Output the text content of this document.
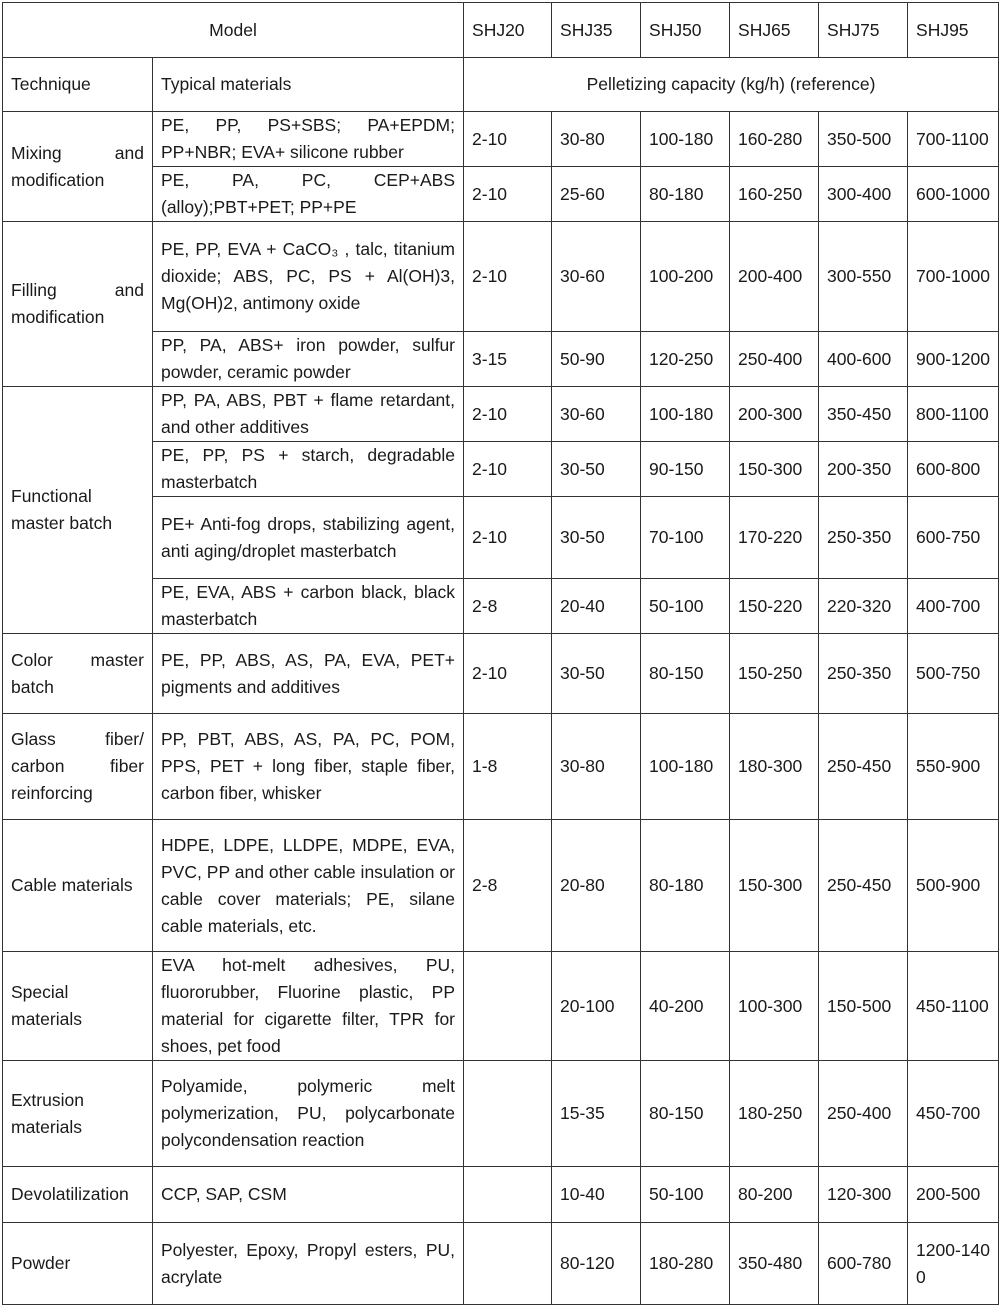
Model		SHJ20	SHJ35	SHJ50	SHJ65	SHJ75	SHJ95
Technique	Typical materials	Pelletizing capacity (kg/h) (reference)					
Mixing and modification	PE, PP, PS+SBS; PA+EPDM; PP+NBR; EVA+ silicone rubber	2-10	30-80	100-180	160-280	350-500	700-1100
	PE, PA, PC, CEP+ABS (alloy);PBT+PET; PP+PE	2-10	25-60	80-180	160-250	300-400	600-1000
Filling and modification	PE, PP, EVA + CaCO₃ , talc, titanium dioxide; ABS, PC, PS + Al(OH)3, Mg(OH)2, antimony oxide	2-10	30-60	100-200	200-400	300-550	700-1000
	PP, PA, ABS+ iron powder, sulfur powder, ceramic powder	3-15	50-90	120-250	250-400	400-600	900-1200
Functional master batch	PP, PA, ABS, PBT + flame retardant, and other additives	2-10	30-60	100-180	200-300	350-450	800-1100
	PE, PP, PS + starch, degradable masterbatch	2-10	30-50	90-150	150-300	200-350	600-800
	PE+ Anti-fog drops, stabilizing agent, anti aging/droplet masterbatch	2-10	30-50	70-100	170-220	250-350	600-750
	PE, EVA, ABS + carbon black, black masterbatch	2-8	20-40	50-100	150-220	220-320	400-700
Color master batch	PE, PP, ABS, AS, PA, EVA, PET+ pigments and additives	2-10	30-50	80-150	150-250	250-350	500-750
Glass fiber/ carbon fiber reinforcing	PP, PBT, ABS, AS, PA, PC, POM, PPS, PET + long fiber, staple fiber, carbon fiber, whisker	1-8	30-80	100-180	180-300	250-450	550-900
Cable materials	HDPE, LDPE, LLDPE, MDPE, EVA, PVC, PP and other cable insulation or cable cover materials; PE, silane cable materials, etc.	2-8	20-80	80-180	150-300	250-450	500-900
Special materials	EVA hot-melt adhesives, PU, fluororubber, Fluorine plastic, PP material for cigarette filter, TPR for shoes, pet food		20-100	40-200	100-300	150-500	450-1100
Extrusion materials	Polyamide, polymeric melt polymerization, PU, polycarbonate polycondensation reaction		15-35	80-150	180-250	250-400	450-700
Devolatilization	CCP, SAP, CSM		10-40	50-100	80-200	120-300	200-500
Powder	Polyester, Epoxy, Propyl esters, PU, acrylate		80-120	180-280	350-480	600-780	1200-1400
